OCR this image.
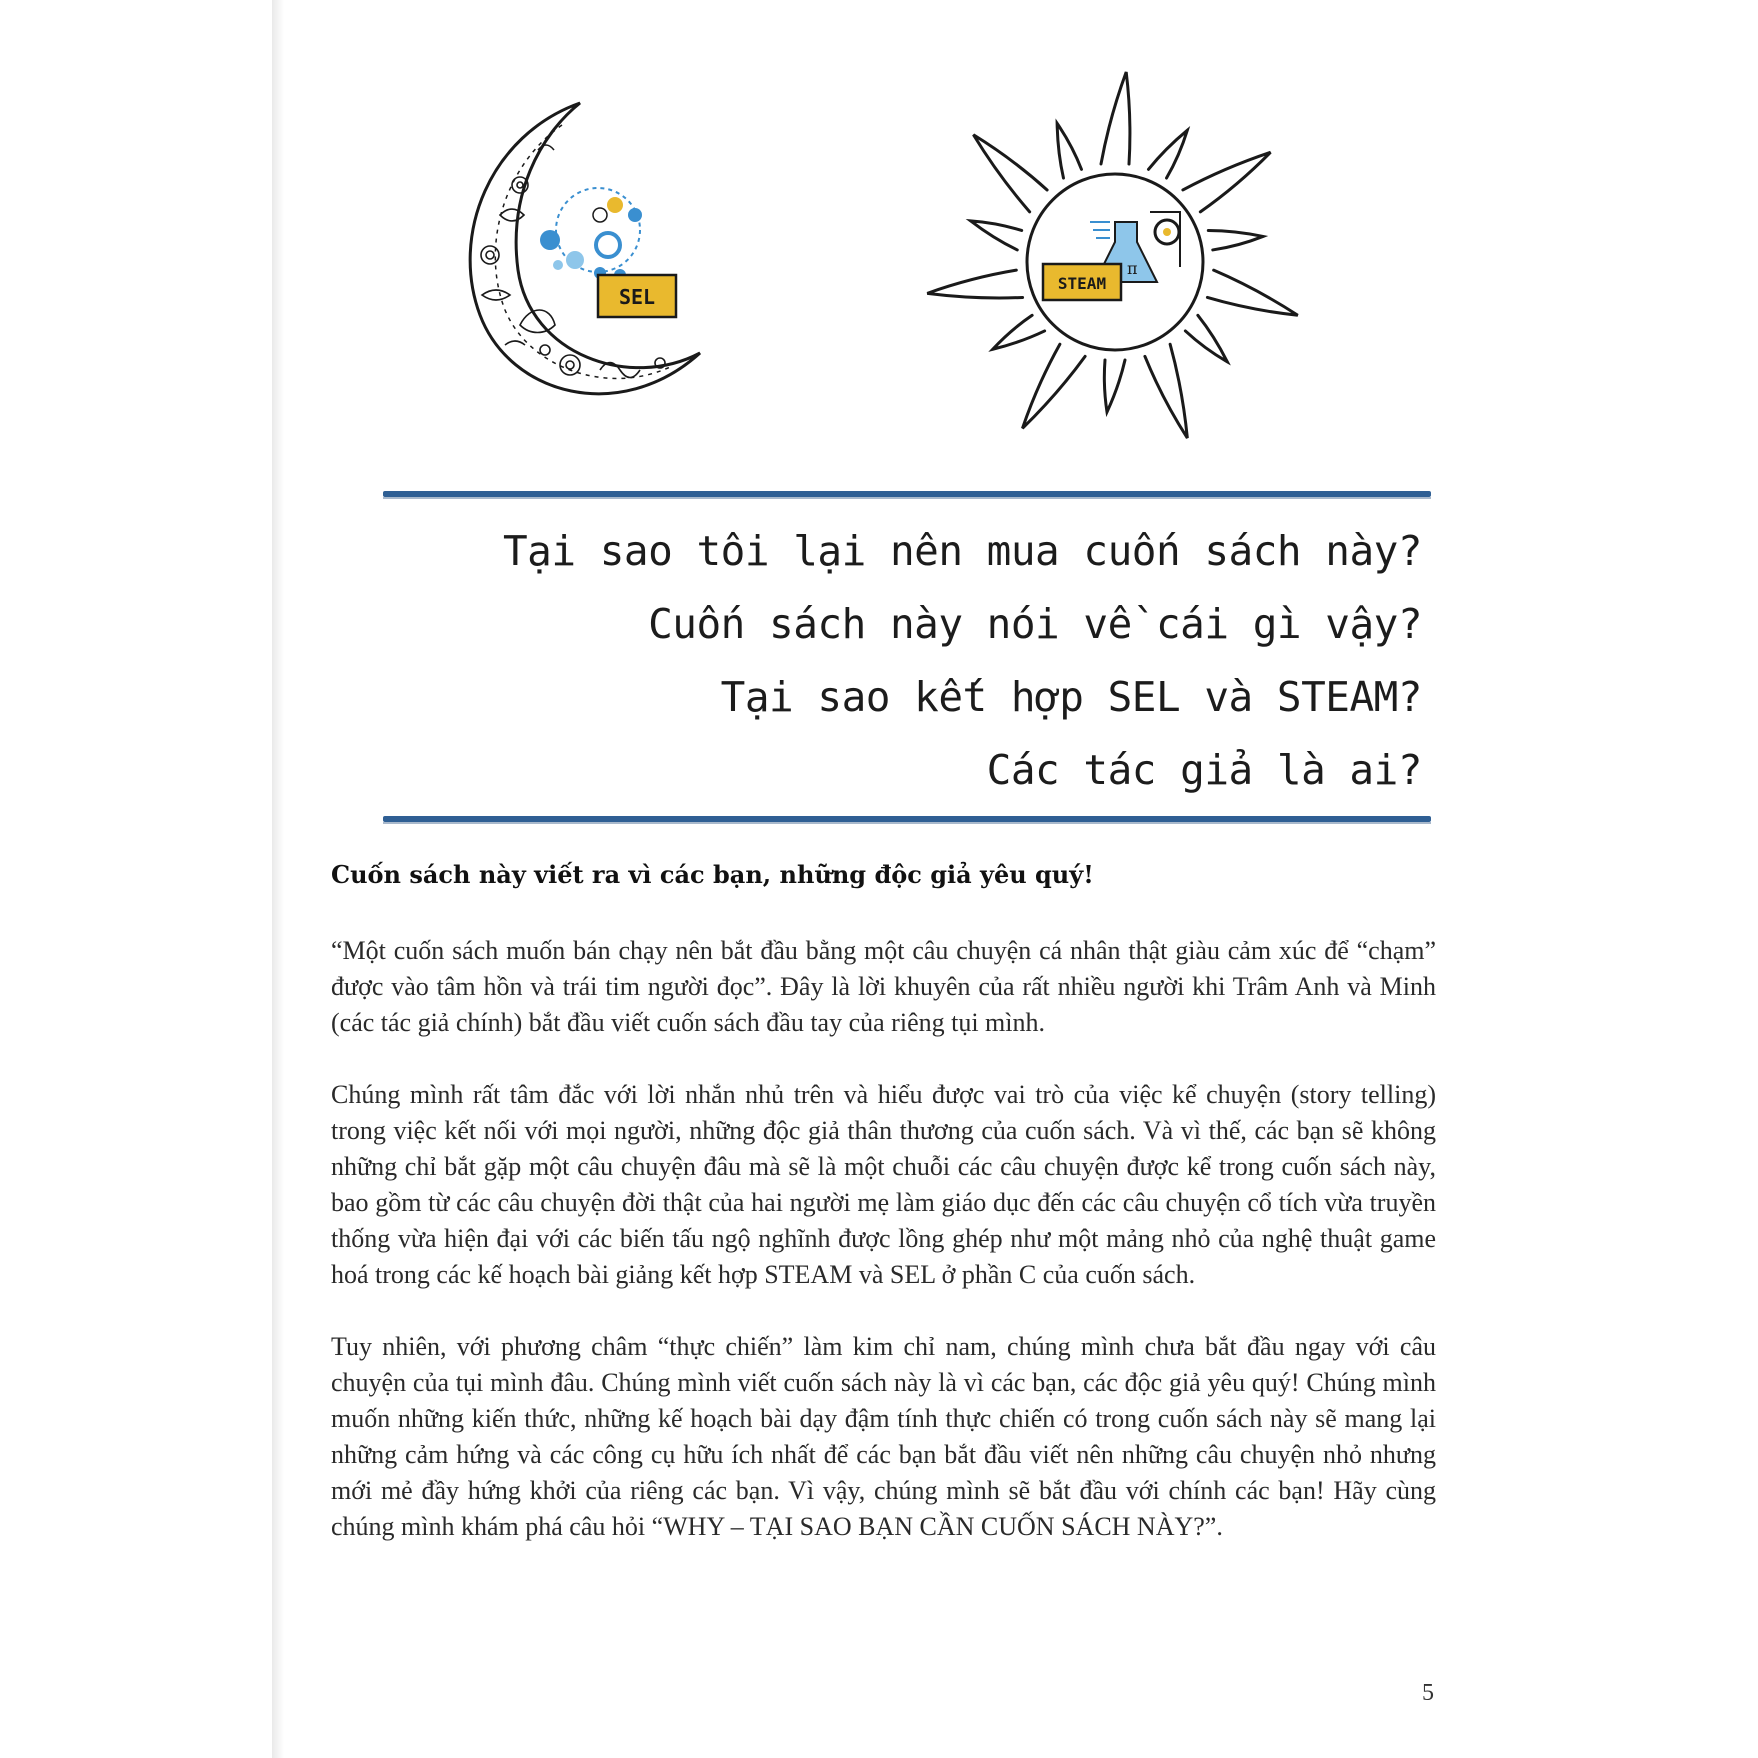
SEL
π
STEAM
Tại sao tôi lại nên mua cuốn sách này?
Cuốn sách này nói về cái gì vậy?
Tại sao kết hợp SEL và STEAM?
Các tác giả là ai?

Cuốn sách này viết ra vì các bạn, những độc giả yêu quý!

“Một cuốn sách muốn bán chạy nên bắt đầu bằng một câu chuyện cá nhân thật giàu cảm xúc để “chạm” được vào tâm hồn và trái tim người đọc”. Đây là lời khuyên của rất nhiều người khi Trâm Anh và Minh (các tác giả chính) bắt đầu viết cuốn sách đầu tay của riêng tụi mình.

Chúng mình rất tâm đắc với lời nhắn nhủ trên và hiểu được vai trò của việc kể chuyện (story telling) trong việc kết nối với mọi người, những độc giả thân thương của cuốn sách. Và vì thế, các bạn sẽ không những chỉ bắt gặp một câu chuyện đâu mà sẽ là một chuỗi các câu chuyện được kể trong cuốn sách này, bao gồm từ các câu chuyện đời thật của hai người mẹ làm giáo dục đến các câu chuyện cổ tích vừa truyền thống vừa hiện đại với các biến tấu ngộ nghĩnh được lồng ghép như một mảng nhỏ của nghệ thuật game hoá trong các kế hoạch bài giảng kết hợp STEAM và SEL ở phần C của cuốn sách.

Tuy nhiên, với phương châm “thực chiến” làm kim chỉ nam, chúng mình chưa bắt đầu ngay với câu chuyện của tụi mình đâu. Chúng mình viết cuốn sách này là vì các bạn, các độc giả yêu quý! Chúng mình muốn những kiến thức, những kế hoạch bài dạy đậm tính thực chiến có trong cuốn sách này sẽ mang lại những cảm hứng và các công cụ hữu ích nhất để các bạn bắt đầu viết nên những câu chuyện nhỏ nhưng mới mẻ đầy hứng khởi của riêng các bạn. Vì vậy, chúng mình sẽ bắt đầu với chính các bạn! Hãy cùng chúng mình khám phá câu hỏi “WHY – TẠI SAO BẠN CẦN CUỐN SÁCH NÀY?”.

5
